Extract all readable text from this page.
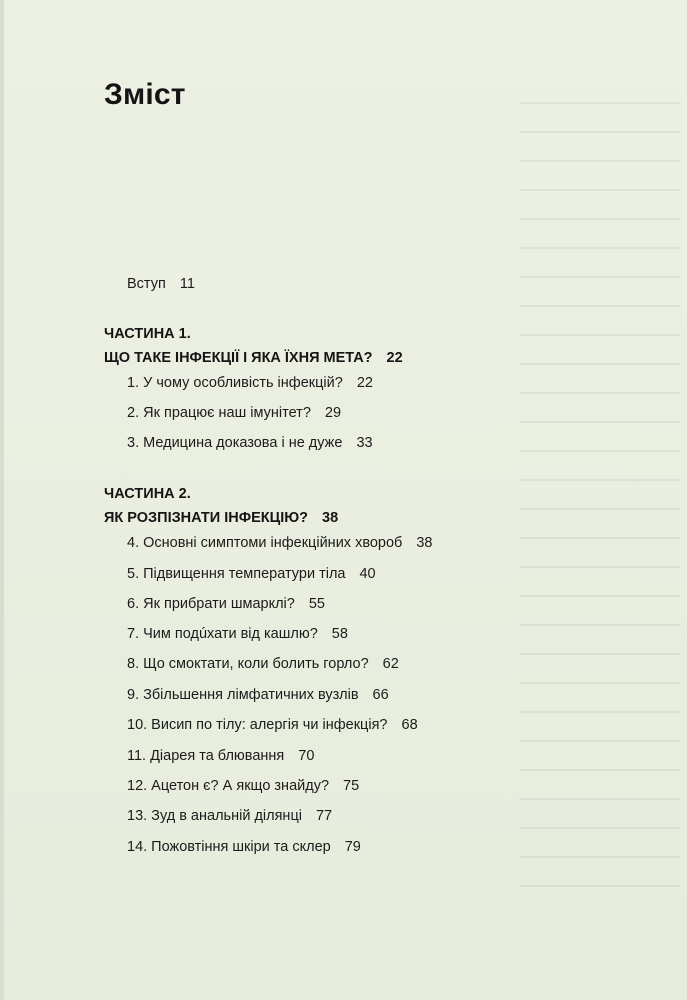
Зміст
Вступ 11
ЧАСТИНА 1.
ЩО ТАКЕ ІНФЕКЦІЇ І ЯКА ЇХНЯ МЕТА? 22
1. У чому особливість інфекцій? 22
2. Як працює наш імунітет? 29
3. Медицина доказова і не дуже 33
ЧАСТИНА 2.
ЯК РОЗПІЗНАТИ ІНФЕКЦІЮ? 38
4. Основні симптоми інфекційних хвороб 38
5. Підвищення температури тіла 40
6. Як прибрати шмарклі? 55
7. Чим подúхати від кашлю? 58
8. Що смоктати, коли болить горло? 62
9. Збільшення лімфатичних вузлів 66
10. Висип по тілу: алергія чи інфекція? 68
11. Діарея та блювання 70
12. Ацетон є? А якщо знайду? 75
13. Зуд в анальній ділянці 77
14. Пожовтіння шкіри та склер 79
